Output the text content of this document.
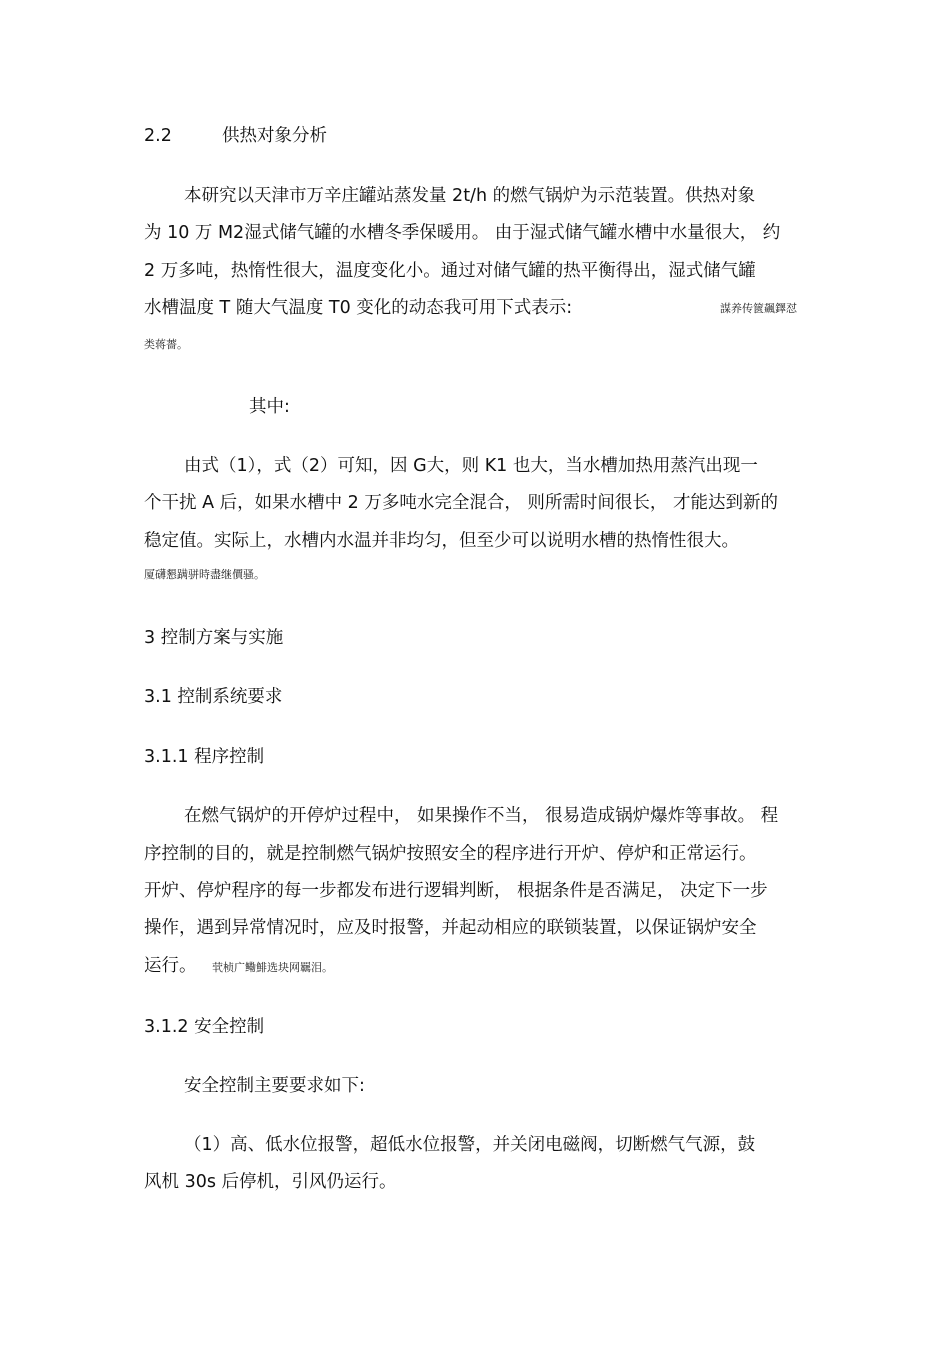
2.2	供热对象分析
本研究以天津市万辛庄罐站蒸发量 2t/h 的燃气锅炉为示范装置。供热对象
为 10 万 M2湿式储气罐的水槽冬季保暖用。 由于湿式储气罐水槽中水量很大， 约
2 万多吨，热惰性很大，温度变化小。通过对储气罐的热平衡得出，湿式储气罐
水槽温度 T 随大气温度 T0 变化的动态我可用下式表示:	謀养传篋飆鐸怼
类蒋薔。
其中:
由式（1），式（2）可知，因 G大，则 K1 也大，当水槽加热用蒸汽出现一
个干扰 A 后，如果水槽中 2 万多吨水完全混合， 则所需时间很长， 才能达到新的
稳定值。实际上，水槽内水温并非均匀，但至少可以说明水槽的热惰性很大。
厦礴懇蹒骈時盡继價骚。
3 控制方案与实施
3.1 控制系统要求
3.1.1 程序控制
在燃气锅炉的开停炉过程中， 如果操作不当， 很易造成锅炉爆炸等事故。 程
序控制的目的，就是控制燃气锅炉按照安全的程序进行开炉、停炉和正常运行。
开炉、停炉程序的每一步都发布进行逻辑判断， 根据条件是否满足， 决定下一步
操作，遇到异常情况时，应及时报警，并起动相应的联锁装置，以保证锅炉安全
运行。 茕桢广鳓鯡选块网羈泪。
3.1.2 安全控制
安全控制主要要求如下:
（1）高、低水位报警，超低水位报警，并关闭电磁阀，切断燃气气源，鼓
风机 30s 后停机，引风仍运行。
